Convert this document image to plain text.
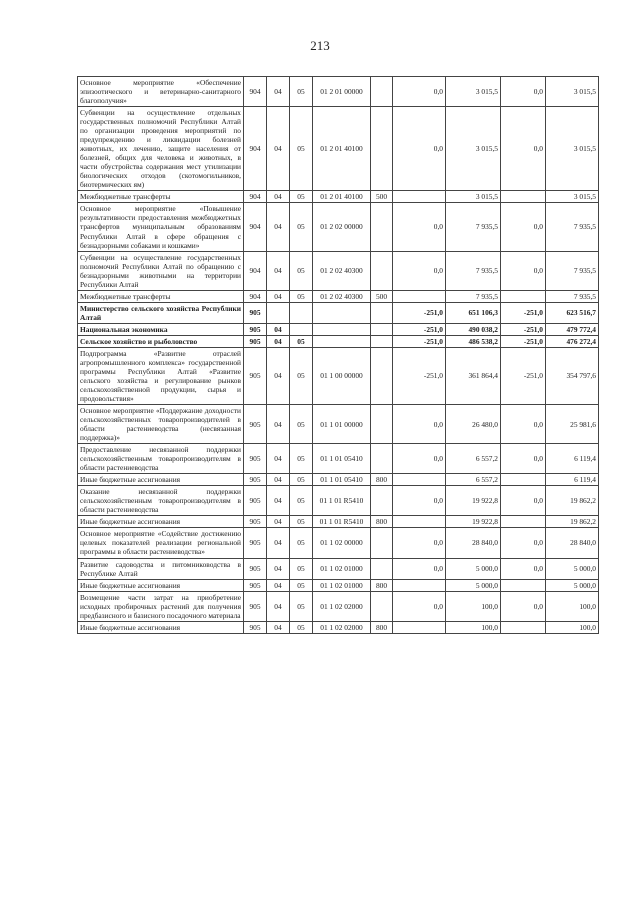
213
Основное мероприятие «Обеспечение эпизоотического и ветеринарно-санитарного благополучия»	904	04	05	01 2 01 00000		0,0	3 015,5	0,0	3 015,5
Субвенции на осуществление отдельных государственных полномочий Республики Алтай по организации проведения мероприятий по предупреждению и ликвидации болезней животных, их лечению, защите населения от болезней, общих для человека и животных, в части обустройства содержания мест утилизации биологических отходов (скотомогильников, биотермических ям)	904	04	05	01 2 01 40100		0,0	3 015,5	0,0	3 015,5
Межбюджетные трансферты	904	04	05	01 2 01 40100	500		3 015,5		3 015,5
Основное мероприятие «Повышение результативности предоставления межбюджетных трансфертов муниципальным образованиям Республики Алтай в сфере обращения с безнадзорными собаками и кошками»	904	04	05	01 2 02 00000		0,0	7 935,5	0,0	7 935,5
Субвенции на осуществление государственных полномочий Республики Алтай по обращению с безнадзорными животными на территории Республики Алтай	904	04	05	01 2 02 40300		0,0	7 935,5	0,0	7 935,5
Межбюджетные трансферты	904	04	05	01 2 02 40300	500		7 935,5		7 935,5
Министерство сельского хозяйства Республики Алтай	905					-251,0	651 106,3	-251,0	623 516,7
Национальная экономика	905	04				-251,0	490 038,2	-251,0	479 772,4
Сельское хозяйство и рыболовство	905	04	05			-251,0	486 538,2	-251,0	476 272,4
Подпрограмма «Развитие отраслей агропромышленного комплекса» государственной программы Республики Алтай «Развитие сельского хозяйства и регулирование рынков сельскохозяйственной продукции, сырья и продовольствия»	905	04	05	01 1 00 00000		-251,0	361 864,4	-251,0	354 797,6
Основное мероприятие «Поддержание доходности сельскохозяйственных товаропроизводителей в области растениеводства (несвязанная поддержка)»	905	04	05	01 1 01 00000		0,0	26 480,0	0,0	25 981,6
Предоставление несвязанной поддержки сельскохозяйственным товаропроизводителям в области растениеводства	905	04	05	01 1 01 05410		0,0	6 557,2	0,0	6 119,4
Иные бюджетные ассигнования	905	04	05	01 1 01 05410	800		6 557,2		6 119,4
Оказание несвязанной поддержки сельскохозяйственным товаропроизводителям в области растениеводства	905	04	05	01 1 01 R5410		0,0	19 922,8	0,0	19 862,2
Иные бюджетные ассигнования	905	04	05	01 1 01 R5410	800		19 922,8		19 862,2
Основное мероприятие «Содействие достижению целевых показателей реализации региональной программы в области растениеводства»	905	04	05	01 1 02 00000		0,0	28 840,0	0,0	28 840,0
Развитие садоводства и питомниководства в Республике Алтай	905	04	05	01 1 02 01000		0,0	5 000,0	0,0	5 000,0
Иные бюджетные ассигнования	905	04	05	01 1 02 01000	800		5 000,0		5 000,0
Возмещение части затрат на приобретение исходных пробирочных растений для получения предбазисного и базисного посадочного материала	905	04	05	01 1 02 02000		0,0	100,0	0,0	100,0
Иные бюджетные ассигнования	905	04	05	01 1 02 02000	800		100,0		100,0
